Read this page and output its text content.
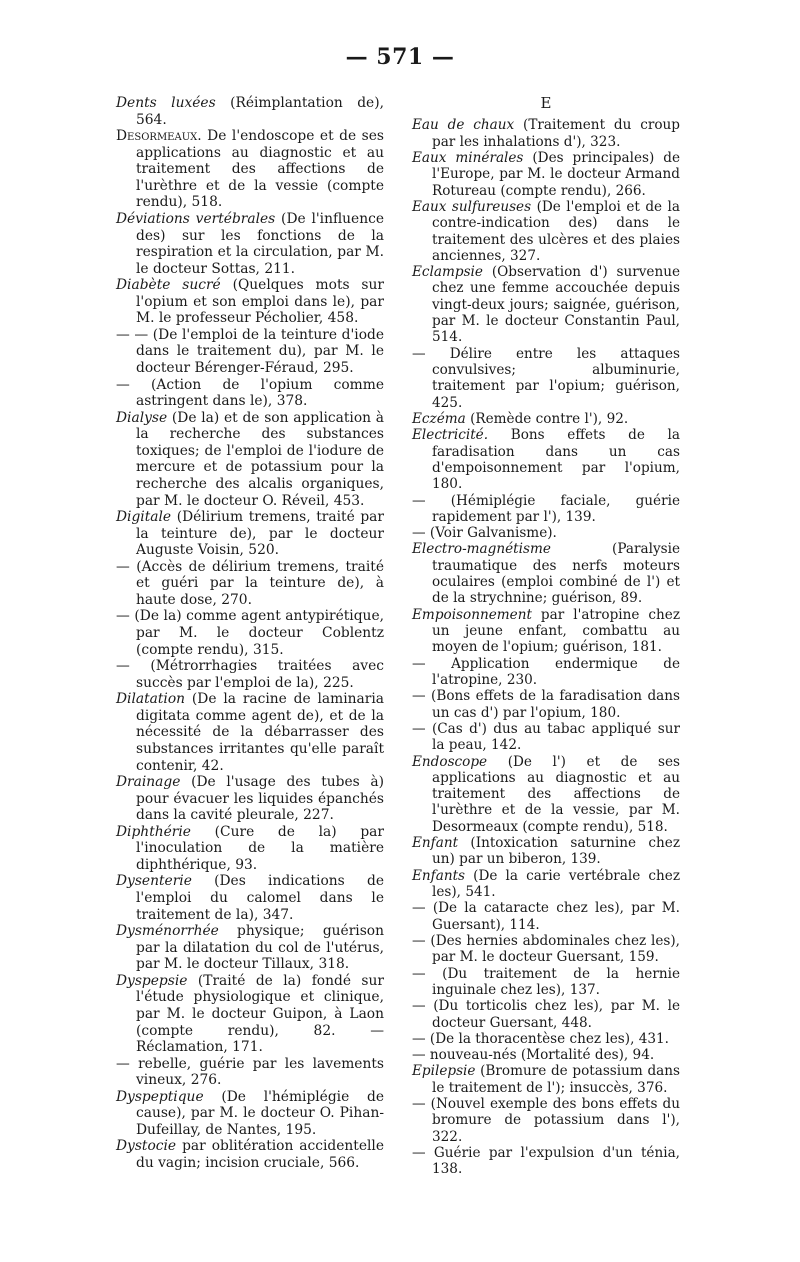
— 571 —

Dents luxées (Réimplantation de), 564.

Desormeaux. De l'endoscope et de ses applications au diagnostic et au traitement des affections de l'urèthre et de la vessie (compte rendu), 518.

Déviations vertébrales (De l'influence des) sur les fonctions de la respiration et la circulation, par M. le docteur Sottas, 211.

Diabète sucré (Quelques mots sur l'opium et son emploi dans le), par M. le professeur Pécholier, 458.

— — (De l'emploi de la teinture d'iode dans le traitement du), par M. le docteur Bérenger-Féraud, 295.

— (Action de l'opium comme astringent dans le), 378.

Dialyse (De la) et de son application à la recherche des substances toxiques; de l'emploi de l'iodure de mercure et de potassium pour la recherche des alcalis organiques, par M. le docteur O. Réveil, 453.

Digitale (Délirium tremens, traité par la teinture de), par le docteur Auguste Voisin, 520.

— (Accès de délirium tremens, traité et guéri par la teinture de), à haute dose, 270.

— (De la) comme agent antypirétique, par M. le docteur Coblentz (compte rendu), 315.

— (Métrorrhagies traitées avec succès par l'emploi de la), 225.

Dilatation (De la racine de laminaria digitata comme agent de), et de la nécessité de la débarrasser des substances irritantes qu'elle paraît contenir, 42.

Drainage (De l'usage des tubes à) pour évacuer les liquides épanchés dans la cavité pleurale, 227.

Diphthérie (Cure de la) par l'inoculation de la matière diphthérique, 93.

Dysenterie (Des indications de l'emploi du calomel dans le traitement de la), 347.

Dysménorrhée physique; guérison par la dilatation du col de l'utérus, par M. le docteur Tillaux, 318.

Dyspepsie (Traité de la) fondé sur l'étude physiologique et clinique, par M. le docteur Guipon, à Laon (compte rendu), 82. — Réclamation, 171.

— rebelle, guérie par les lavements vineux, 276.

Dyspeptique (De l'hémiplégie de cause), par M. le docteur O. Pihan-Dufeillay, de Nantes, 195.

Dystocie par oblitération accidentelle du vagin; incision cruciale, 566.

E

Eau de chaux (Traitement du croup par les inhalations d'), 323.

Eaux minérales (Des principales) de l'Europe, par M. le docteur Armand Rotureau (compte rendu), 266.

Eaux sulfureuses (De l'emploi et de la contre-indication des) dans le traitement des ulcères et des plaies anciennes, 327.

Eclampsie (Observation d') survenue chez une femme accouchée depuis vingt-deux jours; saignée, guérison, par M. le docteur Constantin Paul, 514.

— Délire entre les attaques convulsives; albuminurie, traitement par l'opium; guérison, 425.

Eczéma (Remède contre l'), 92.

Electricité. Bons effets de la faradisation dans un cas d'empoisonnement par l'opium, 180.

— (Hémiplégie faciale, guérie rapidement par l'), 139.

— (Voir Galvanisme).

Electro-magnétisme (Paralysie traumatique des nerfs moteurs oculaires (emploi combiné de l') et de la strychnine; guérison, 89.

Empoisonnement par l'atropine chez un jeune enfant, combattu au moyen de l'opium; guérison, 181.

— Application endermique de l'atropine, 230.

— (Bons effets de la faradisation dans un cas d') par l'opium, 180.

— (Cas d') dus au tabac appliqué sur la peau, 142.

Endoscope (De l') et de ses applications au diagnostic et au traitement des affections de l'urèthre et de la vessie, par M. Desormeaux (compte rendu), 518.

Enfant (Intoxication saturnine chez un) par un biberon, 139.

Enfants (De la carie vertébrale chez les), 541.

— (De la cataracte chez les), par M. Guersant), 114.

— (Des hernies abdominales chez les), par M. le docteur Guersant, 159.

— (Du traitement de la hernie inguinale chez les), 137.

— (Du torticolis chez les), par M. le docteur Guersant, 448.

— (De la thoracentèse chez les), 431.

— nouveau-nés (Mortalité des), 94.

Epilepsie (Bromure de potassium dans le traitement de l'); insuccès, 376.

— (Nouvel exemple des bons effets du bromure de potassium dans l'), 322.

— Guérie par l'expulsion d'un ténia, 138.
